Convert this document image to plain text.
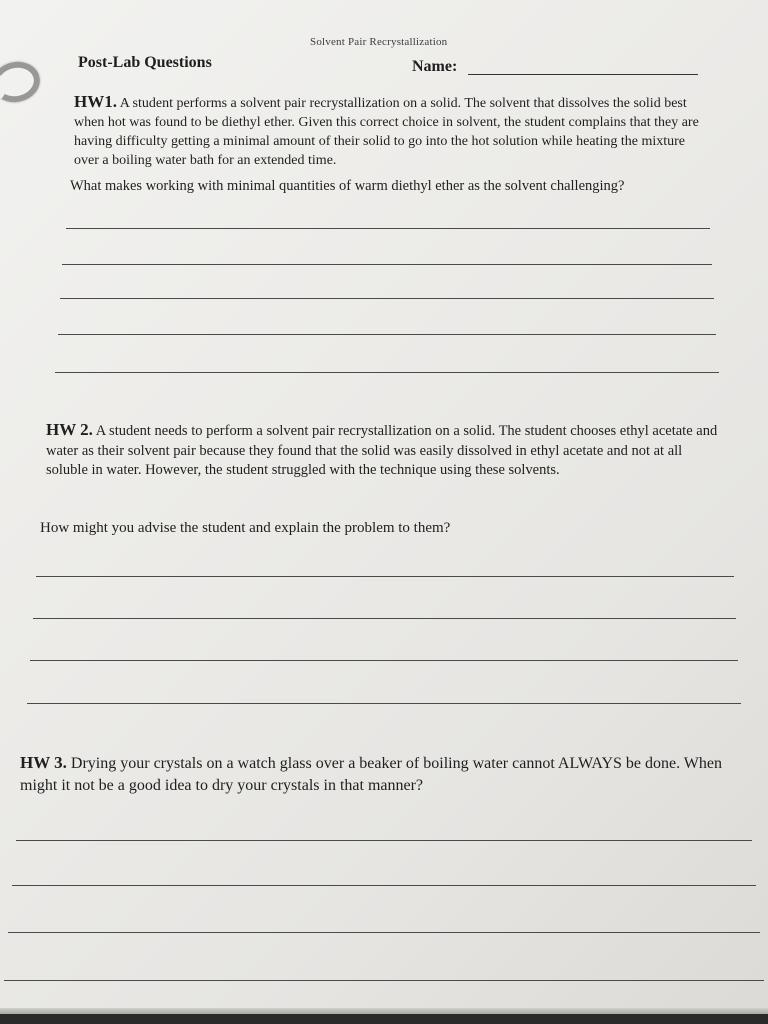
Solvent Pair Recrystallization
Post-Lab Questions	Name:

HW1. A student performs a solvent pair recrystallization on a solid. The solvent that dissolves the solid best when hot was found to be diethyl ether. Given this correct choice in solvent, the student complains that they are having difficulty getting a minimal amount of their solid to go into the hot solution while heating the mixture over a boiling water bath for an extended time.

What makes working with minimal quantities of warm diethyl ether as the solvent challenging?

HW 2. A student needs to perform a solvent pair recrystallization on a solid. The student chooses ethyl acetate and water as their solvent pair because they found that the solid was easily dissolved in ethyl acetate and not at all soluble in water. However, the student struggled with the technique using these solvents.

How might you advise the student and explain the problem to them?

HW 3. Drying your crystals on a watch glass over a beaker of boiling water cannot ALWAYS be done. When might it not be a good idea to dry your crystals in that manner?
